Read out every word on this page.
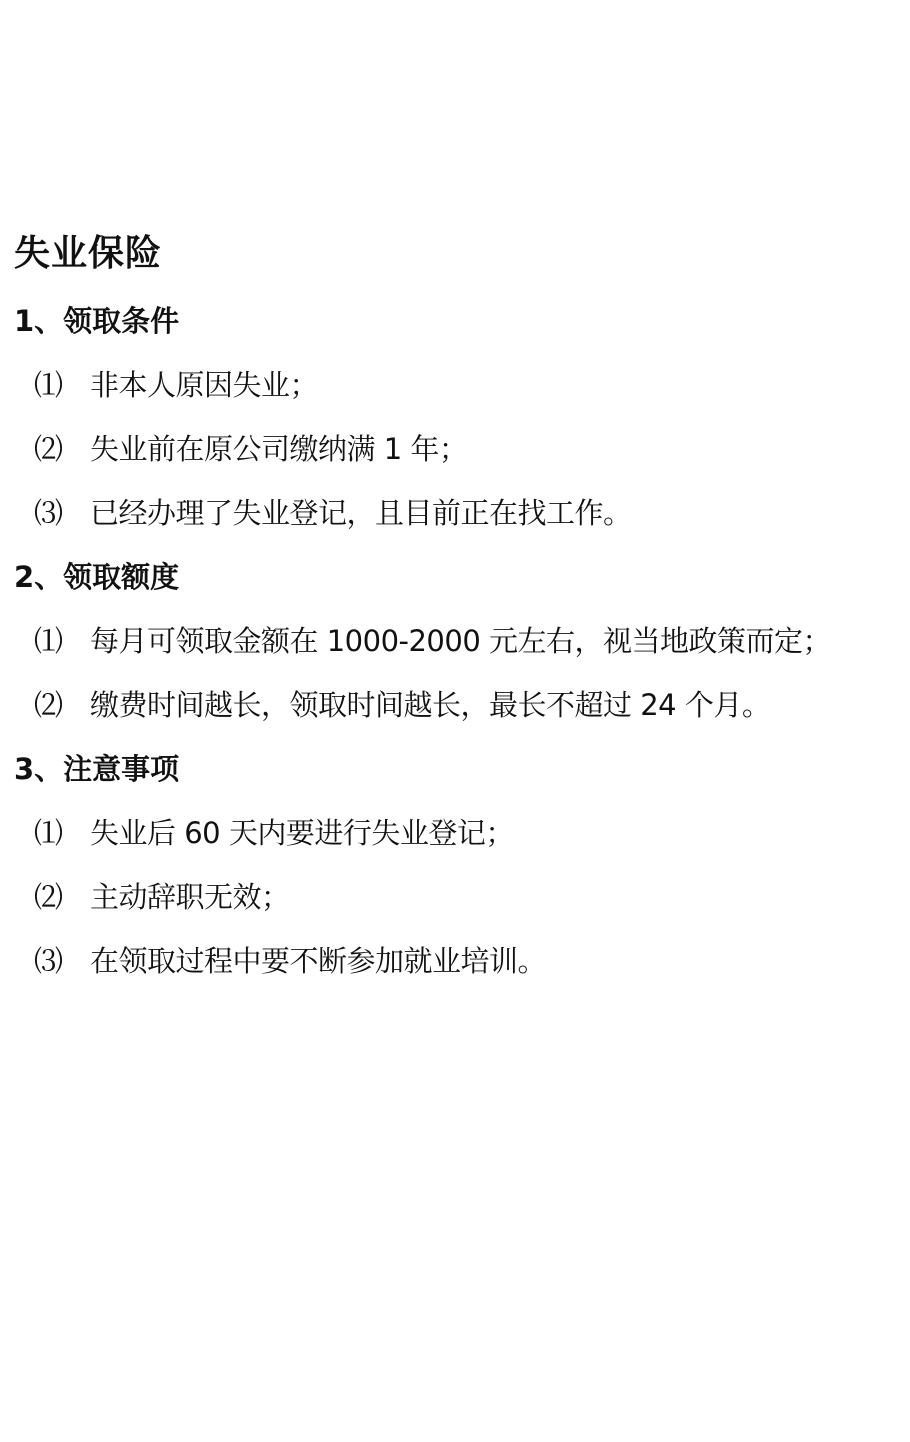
失业保险
1、领取条件
⑴ 非本人原因失业；
⑵ 失业前在原公司缴纳满 1 年；
⑶ 已经办理了失业登记，且目前正在找工作。
2、领取额度
⑴ 每月可领取金额在 1000-2000 元左右，视当地政策而定；
⑵ 缴费时间越长，领取时间越长，最长不超过 24 个月。
3、注意事项
⑴ 失业后 60 天内要进行失业登记；
⑵ 主动辞职无效；
⑶ 在领取过程中要不断参加就业培训。
